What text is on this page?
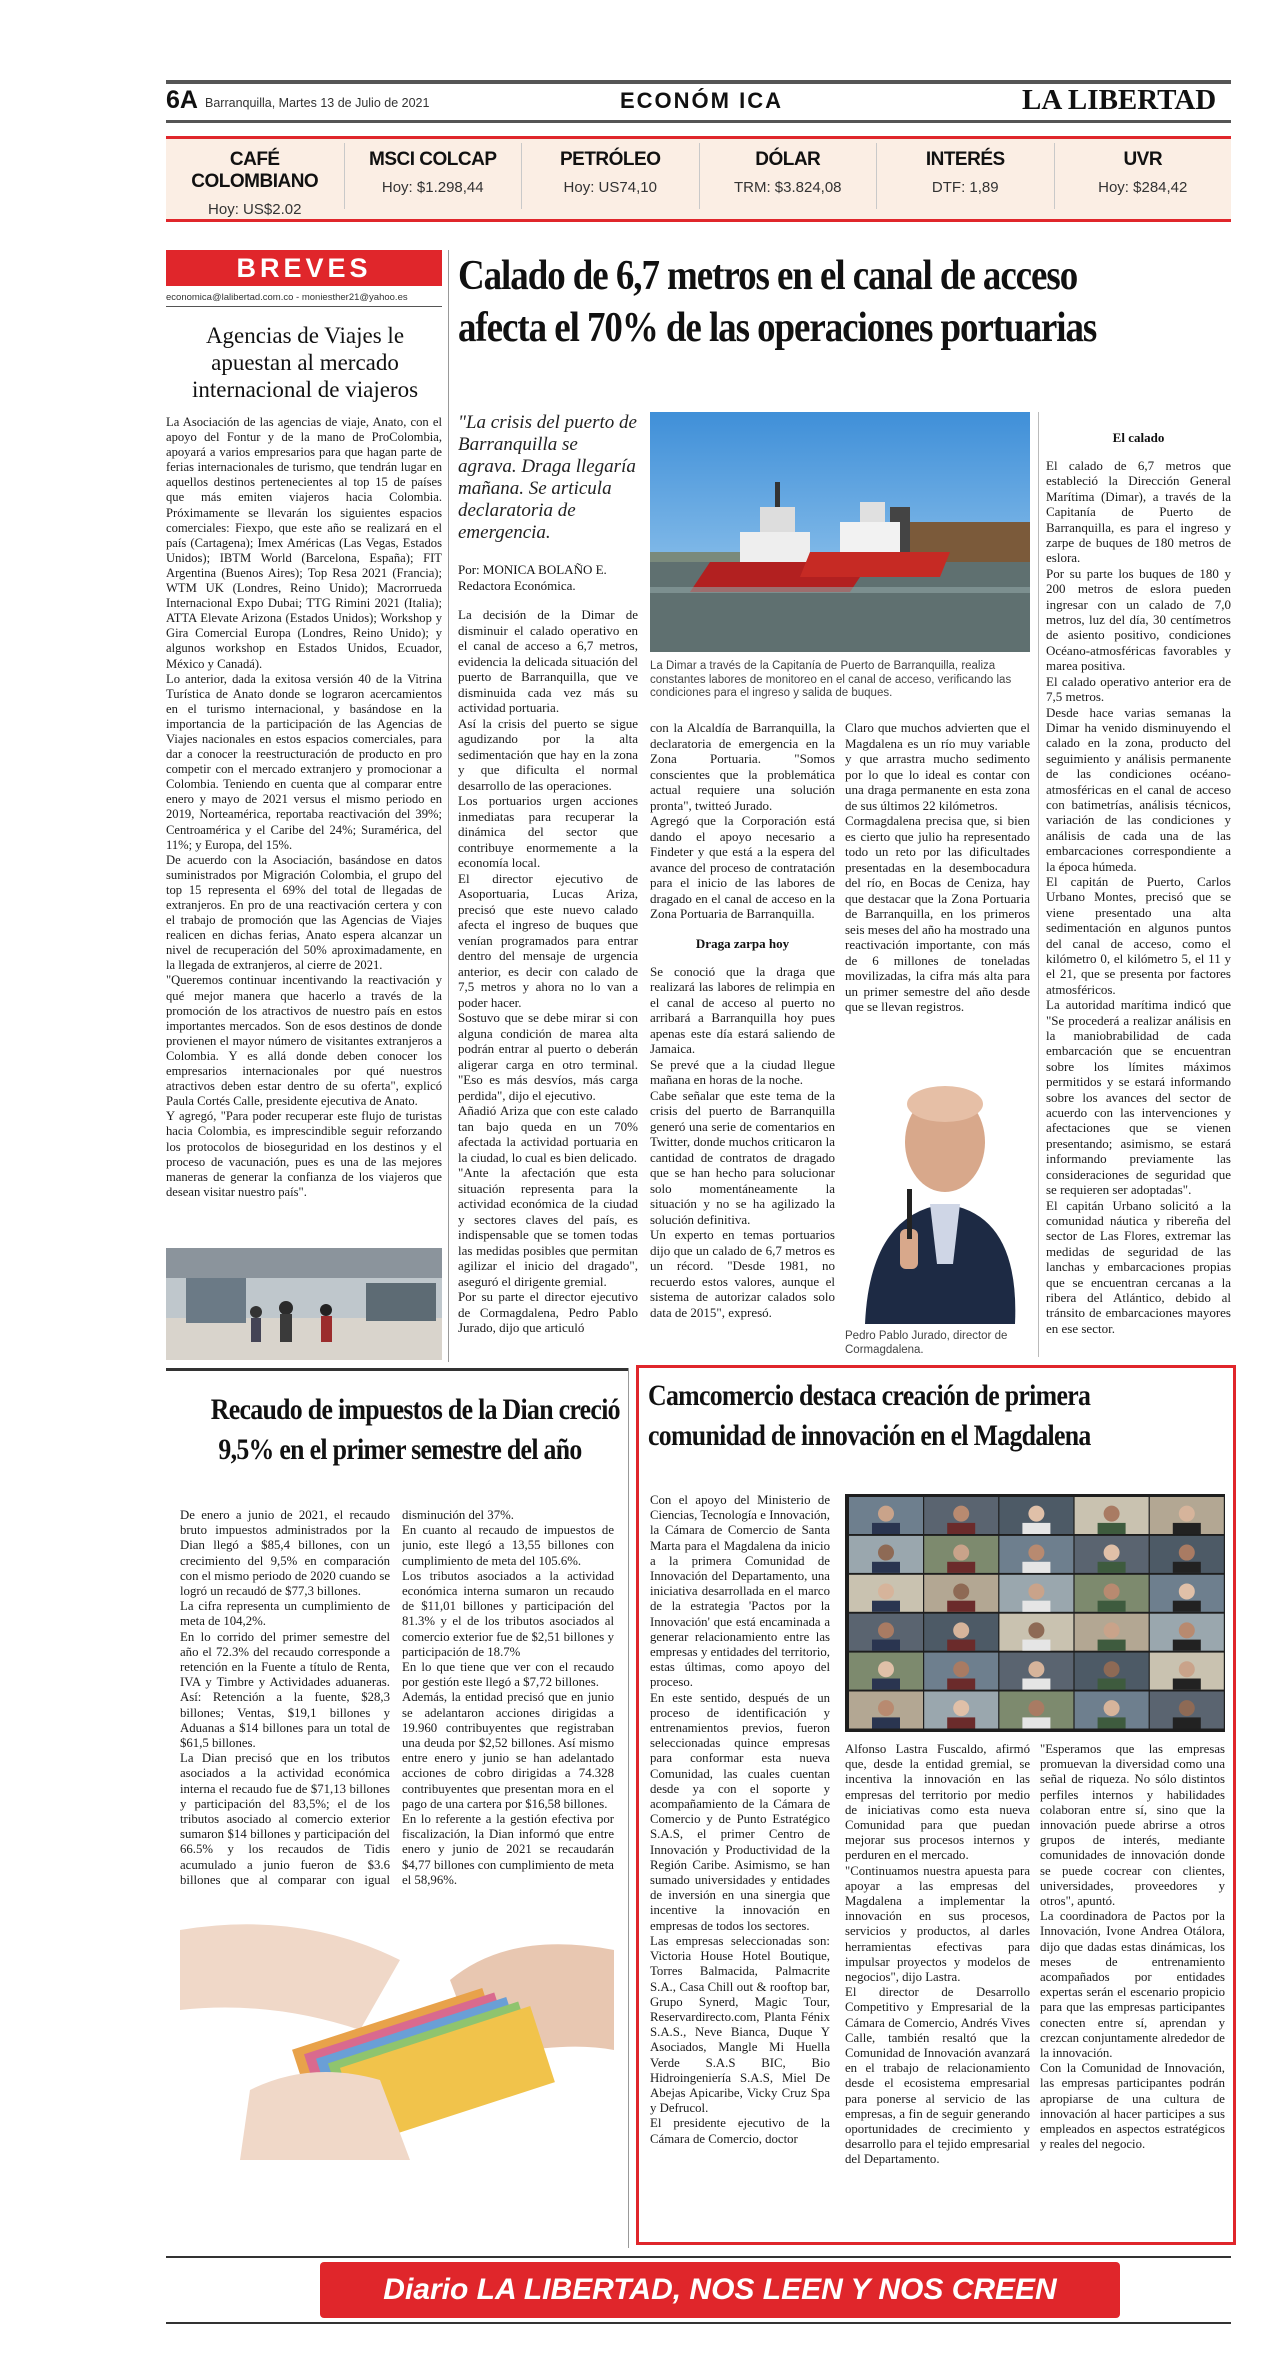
6A Barranquilla, Martes 13 de Julio de 2021	ECONÓM ICA	LA LIBERTAD
CAFÉ COLOMBIANO
Hoy: US$2.02
MSCI COLCAP
Hoy: $1.298,44
PETRÓLEO
Hoy: US74,10
DÓLAR
TRM: $3.824,08
INTERÉS
DTF: 1,89
UVR
Hoy: $284,42
BREVES
economica@lalibertad.com.co - moniesther21@yahoo.es
Agencias de Viajes le apuestan al mercado internacional de viajeros

La Asociación de las agencias de viaje, Anato, con el apoyo del Fontur y de la mano de ProColombia, apoyará a varios empresarios para que hagan parte de ferias internacionales de turismo, que tendrán lugar en aquellos destinos pertenecientes al top 15 de países que más emiten viajeros hacia Colombia. Próximamente se llevarán los siguientes espacios comerciales: Fiexpo, que este año se realizará en el país (Cartagena); Imex Américas (Las Vegas, Estados Unidos); IBTM World (Barcelona, España); FIT Argentina (Buenos Aires); Top Resa 2021 (Francia); WTM UK (Londres, Reino Unido); Macrorrueda Internacional Expo Dubai; TTG Rimini 2021 (Italia); ATTA Elevate Arizona (Estados Unidos); Workshop y Gira Comercial Europa (Londres, Reino Unido); y algunos workshop en Estados Unidos, Ecuador, México y Canadá).

Lo anterior, dada la exitosa versión 40 de la Vitrina Turística de Anato donde se lograron acercamientos en el turismo internacional, y basándose en la importancia de la participación de las Agencias de Viajes nacionales en estos espacios comerciales, para dar a conocer la reestructuración de producto en pro competir con el mercado extranjero y promocionar a Colombia. Teniendo en cuenta que al comparar entre enero y mayo de 2021 versus el mismo periodo en 2019, Norteamérica, reportaba reactivación del 39%; Centroamérica y el Caribe del 24%; Suramérica, del 11%; y Europa, del 15%.

De acuerdo con la Asociación, basándose en datos suministrados por Migración Colombia, el grupo del top 15 representa el 69% del total de llegadas de extranjeros. En pro de una reactivación certera y con el trabajo de promoción que las Agencias de Viajes realicen en dichas ferias, Anato espera alcanzar un nivel de recuperación del 50% aproximadamente, en la llegada de extranjeros, al cierre de 2021.

"Queremos continuar incentivando la reactivación y qué mejor manera que hacerlo a través de la promoción de los atractivos de nuestro país en estos importantes mercados. Son de esos destinos de donde provienen el mayor número de visitantes extranjeros a Colombia. Y es allá donde deben conocer los empresarios internacionales por qué nuestros atractivos deben estar dentro de su oferta", explicó Paula Cortés Calle, presidente ejecutiva de Anato.

Y agregó, "Para poder recuperar este flujo de turistas hacia Colombia, es imprescindible seguir reforzando los protocolos de bioseguridad en los destinos y el proceso de vacunación, pues es una de las mejores maneras de generar la confianza de los viajeros que desean visitar nuestro país".

Calado de 6,7 metros en el canal de acceso
afecta el 70% de las operaciones portuarias
"La crisis del puerto de Barranquilla se agrava. Draga llegaría mañana. Se articula declaratoria de emergencia.
Por: MONICA BOLAÑO E.
Redactora Económica.

La decisión de la Dimar de disminuir el calado operativo en el canal de acceso a 6,7 metros, evidencia la delicada situación del puerto de Barranquilla, que ve disminuida cada vez más su actividad portuaria.

Así la crisis del puerto se sigue agudizando por la alta sedimentación que hay en la zona y que dificulta el normal desarrollo de las operaciones.

Los portuarios urgen acciones inmediatas para recuperar la dinámica del sector que contribuye enormemente a la economía local.

El director ejecutivo de Asoportuaria, Lucas Ariza, precisó que este nuevo calado afecta el ingreso de buques que venían programados para entrar dentro del mensaje de urgencia anterior, es decir con calado de 7,5 metros y ahora no lo van a poder hacer.

Sostuvo que se debe mirar si con alguna condición de marea alta podrán entrar al puerto o deberán aligerar carga en otro terminal. "Eso es más desvíos, más carga perdida", dijo el ejecutivo.

Añadió Ariza que con este calado tan bajo queda en un 70% afectada la actividad portuaria en la ciudad, lo cual es bien delicado.

"Ante la afectación que esta situación representa para la actividad económica de la ciudad y sectores claves del país, es indispensable que se tomen todas las medidas posibles que permitan agilizar el inicio del dragado", aseguró el dirigente gremial.

Por su parte el director ejecutivo de Cormagdalena, Pedro Pablo Jurado, dijo que articuló

La Dimar a través de la Capitanía de Puerto de Barranquilla, realiza constantes labores de monitoreo en el canal de acceso, verificando las condiciones para el ingreso y salida de buques.

con la Alcaldía de Barranquilla, la declaratoria de emergencia en la Zona Portuaria. "Somos conscientes que la problemática actual requiere una solución pronta", twitteó Jurado.

Agregó que la Corporación está dando el apoyo necesario a Findeter y que está a la espera del avance del proceso de contratación para el inicio de las labores de dragado en el canal de acceso en la Zona Portuaria de Barranquilla.

Draga zarpa hoy

Se conoció que la draga que realizará las labores de relimpia en el canal de acceso al puerto no arribará a Barranquilla hoy pues apenas este día estará saliendo de Jamaica.

Se prevé que a la ciudad llegue mañana en horas de la noche.

Cabe señalar que este tema de la crisis del puerto de Barranquilla generó una serie de comentarios en Twitter, donde muchos criticaron la cantidad de contratos de dragado que se han hecho para solucionar solo momentáneamente la situación y no se ha agilizado la solución definitiva.

Un experto en temas portuarios dijo que un calado de 6,7 metros es un récord. "Desde 1981, no recuerdo estos valores, aunque el sistema de autorizar calados solo data de 2015", expresó.

Claro que muchos advierten que el Magdalena es un río muy variable y que arrastra mucho sedimento por lo que lo ideal es contar con una draga permanente en esta zona de sus últimos 22 kilómetros.

Cormagdalena precisa que, si bien es cierto que julio ha representado todo un reto por las dificultades presentadas en la desembocadura del río, en Bocas de Ceniza, hay que destacar que la Zona Portuaria de Barranquilla, en los primeros seis meses del año ha mostrado una reactivación importante, con más de 6 millones de toneladas movilizadas, la cifra más alta para un primer semestre del año desde que se llevan registros.

Pedro Pablo Jurado, director de Cormagdalena.
El calado

El calado de 6,7 metros que estableció la Dirección General Marítima (Dimar), a través de la Capitanía de Puerto de Barranquilla, es para el ingreso y zarpe de buques de 180 metros de eslora.

Por su parte los buques de 180 y 200 metros de eslora pueden ingresar con un calado de 7,0 metros, luz del día, 30 centímetros de asiento positivo, condiciones Océano-atmosféricas favorables y marea positiva.

El calado operativo anterior era de 7,5 metros.

Desde hace varias semanas la Dimar ha venido disminuyendo el calado en la zona, producto del seguimiento y análisis permanente de las condiciones océano-atmosféricas en el canal de acceso con batimetrías, análisis técnicos, variación de las condiciones y análisis de cada una de las embarcaciones correspondiente a la época húmeda.

El capitán de Puerto, Carlos Urbano Montes, precisó que se viene presentado una alta sedimentación en algunos puntos del canal de acceso, como el kilómetro 0, el kilómetro 5, el 11 y el 21, que se presenta por factores atmosféricos.

La autoridad marítima indicó que "Se procederá a realizar análisis en la maniobrabilidad de cada embarcación que se encuentran sobre los límites máximos permitidos y se estará informando sobre los avances del sector de acuerdo con las intervenciones y afectaciones que se vienen presentando; asimismo, se estará informando previamente las consideraciones de seguridad que se requieren ser adoptadas".

El capitán Urbano solicitó a la comunidad náutica y ribereña del sector de Las Flores, extremar las medidas de seguridad de las lanchas y embarcaciones propias que se encuentran cercanas a la ribera del Atlántico, debido al tránsito de embarcaciones mayores en ese sector.

Recaudo de impuestos de la Dian creció
9,5% en el primer semestre del año

De enero a junio de 2021, el recaudo bruto impuestos administrados por la Dian llegó a $85,4 billones, con un crecimiento del 9,5% en comparación con el mismo periodo de 2020 cuando se logró un recaudó de $77,3 billones.

La cifra representa un cumplimiento de meta de 104,2%.

En lo corrido del primer semestre del año el 72.3% del recaudo corresponde a retención en la Fuente a título de Renta, IVA y Timbre y Actividades aduaneras. Así: Retención a la fuente, $28,3 billones; Ventas, $19,1 billones y Aduanas a $14 billones para un total de $61,5 billones.

La Dian precisó que en los tributos asociados a la actividad económica interna el recaudo fue de $71,13 billones y participación del 83,5%; el de los tributos asociado al comercio exterior sumaron $14 billones y participación del 66.5% y los recaudos de Tidis acumulado a junio fueron de $3.6 billones que al comparar con igual

disminución del 37%.

En cuanto al recaudo de impuestos de junio, este llegó a 13,55 billones con cumplimiento de meta del 105.6%.

Los tributos asociados a la actividad económica interna sumaron un recaudo de $11,01 billones y participación del 81.3% y el de los tributos asociados al comercio exterior fue de $2,51 billones y participación de 18.7%

En lo que tiene que ver con el recaudo por gestión este llegó a $7,72 billones.

Además, la entidad precisó que en junio se adelantaron acciones dirigidas a 19.960 contribuyentes que registraban una deuda por $2,52 billones. Así mismo entre enero y junio se han adelantado acciones de cobro dirigidas a 74.328 contribuyentes que presentan mora en el pago de una cartera por $16,58 billones.

En lo referente a la gestión efectiva por fiscalización, la Dian informó que entre enero y junio de 2021 se recaudarán $4,77 billones con cumplimiento de meta el 58,96%.

Camcomercio destaca creación de primera
comunidad de innovación en el Magdalena

Con el apoyo del Ministerio de Ciencias, Tecnología e Innovación, la Cámara de Comercio de Santa Marta para el Magdalena da inicio a la primera Comunidad de Innovación del Departamento, una iniciativa desarrollada en el marco de la estrategia 'Pactos por la Innovación' que está encaminada a generar relacionamiento entre las empresas y entidades del territorio, estas últimas, como apoyo del proceso.

En este sentido, después de un proceso de identificación y entrenamientos previos, fueron seleccionadas quince empresas para conformar esta nueva Comunidad, las cuales cuentan desde ya con el soporte y acompañamiento de la Cámara de Comercio y de Punto Estratégico S.A.S, el primer Centro de Innovación y Productividad de la Región Caribe. Asimismo, se han sumado universidades y entidades de inversión en una sinergia que incentive la innovación en empresas de todos los sectores.

Las empresas seleccionadas son: Victoria House Hotel Boutique, Torres Balmacida, Palmacrite S.A., Casa Chill out & rooftop bar, Grupo Synerd, Magic Tour, Reservardirecto.com, Planta Fénix S.A.S., Neve Bianca, Duque Y Asociados, Mangle Mi Huella Verde S.A.S BIC, Bio Hidroingeniería S.A.S, Miel De Abejas Apicaribe, Vicky Cruz Spa y Defrucol.

El presidente ejecutivo de la Cámara de Comercio, doctor

Alfonso Lastra Fuscaldo, afirmó que, desde la entidad gremial, se incentiva la innovación en las empresas del territorio por medio de iniciativas como esta nueva Comunidad para que puedan mejorar sus procesos internos y perduren en el mercado.

"Continuamos nuestra apuesta para apoyar a las empresas del Magdalena a implementar la innovación en sus procesos, servicios y productos, al darles herramientas efectivas para impulsar proyectos y modelos de negocios", dijo Lastra.

El director de Desarrollo Competitivo y Empresarial de la Cámara de Comercio, Andrés Vives Calle, también resaltó que la Comunidad de Innovación avanzará en el trabajo de relacionamiento desde el ecosistema empresarial para ponerse al servicio de las empresas, a fin de seguir generando oportunidades de crecimiento y desarrollo para el tejido empresarial del Departamento.

"Esperamos que las empresas promuevan la diversidad como una señal de riqueza. No sólo distintos perfiles internos y habilidades colaboran entre sí, sino que la innovación puede abrirse a otros grupos de interés, mediante comunidades de innovación donde se puede cocrear con clientes, universidades, proveedores y otros", apuntó.

La coordinadora de Pactos por la Innovación, Ivone Andrea Otálora, dijo que dadas estas dinámicas, los meses de entrenamiento acompañados por entidades expertas serán el escenario propicio para que las empresas participantes conecten entre sí, aprendan y crezcan conjuntamente alrededor de la innovación.

Con la Comunidad de Innovación, las empresas participantes podrán apropiarse de una cultura de innovación al hacer participes a sus empleados en aspectos estratégicos y reales del negocio.

Diario LA LIBERTAD, NOS LEEN Y NOS CREEN
